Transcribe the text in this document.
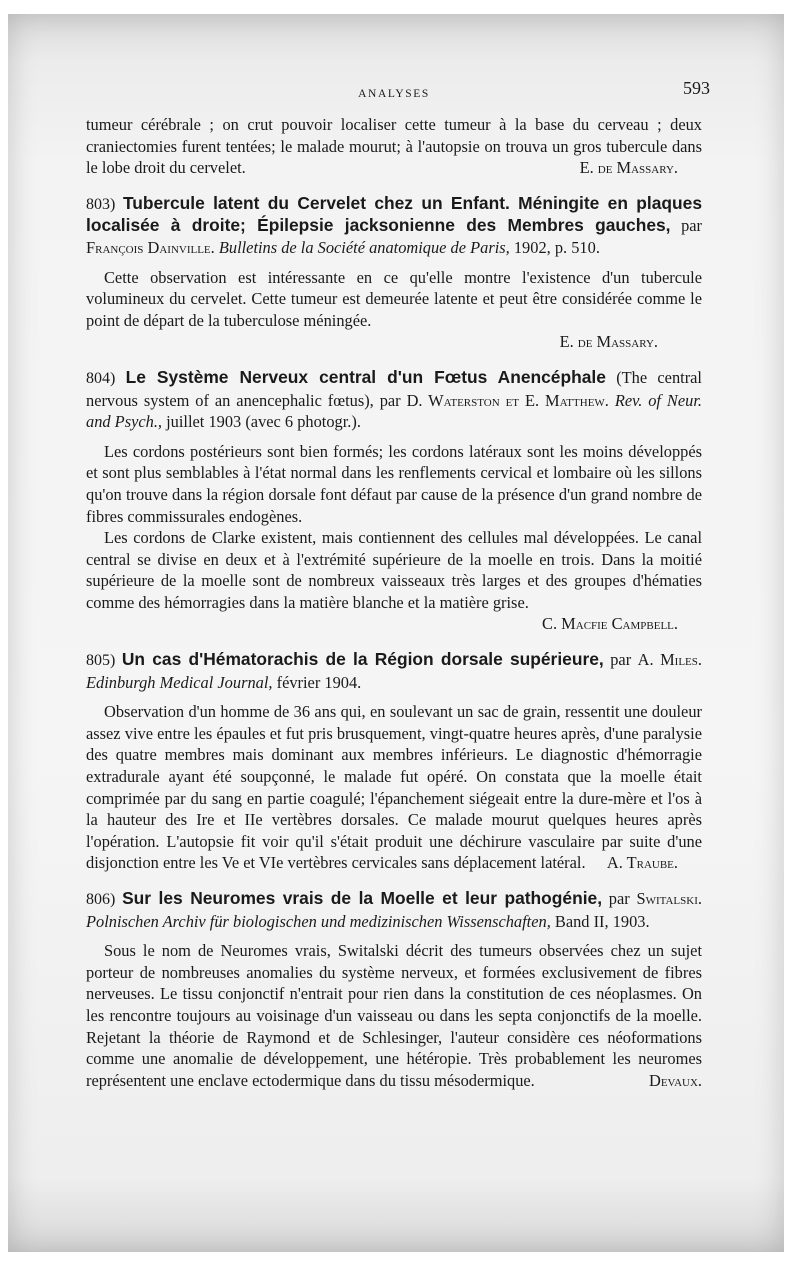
ANALYSES	593

tumeur cérébrale ; on crut pouvoir localiser cette tumeur à la base du cerveau ; deux craniectomies furent tentées; le malade mourut; à l'autopsie on trouva un gros tubercule dans le lobe droit du cervelet.	E. de Massary.

803) Tubercule latent du Cervelet chez un Enfant. Méningite en plaques localisée à droite; Épilepsie jacksonienne des Membres gauches, par François Dainville. Bulletins de la Société anatomique de Paris, 1902, p. 510.

Cette observation est intéressante en ce qu'elle montre l'existence d'un tubercule volumineux du cervelet. Cette tumeur est demeurée latente et peut être considérée comme le point de départ de la tuberculose méningée.

E. de Massary.

804) Le Système Nerveux central d'un Fœtus Anencéphale (The central nervous system of an anencephalic fœtus), par D. Waterston et E. Matthew. Rev. of Neur. and Psych., juillet 1903 (avec 6 photogr.).

Les cordons postérieurs sont bien formés; les cordons latéraux sont les moins développés et sont plus semblables à l'état normal dans les renflements cervical et lombaire où les sillons qu'on trouve dans la région dorsale font défaut par cause de la présence d'un grand nombre de fibres commissurales endogènes.

Les cordons de Clarke existent, mais contiennent des cellules mal développées. Le canal central se divise en deux et à l'extrémité supérieure de la moelle en trois. Dans la moitié supérieure de la moelle sont de nombreux vaisseaux très larges et des groupes d'hématies comme des hémorragies dans la matière blanche et la matière grise.
C. Macfie Campbell.

805) Un cas d'Hématorachis de la Région dorsale supérieure, par A. Miles. Edinburgh Medical Journal, février 1904.

Observation d'un homme de 36 ans qui, en soulevant un sac de grain, ressentit une douleur assez vive entre les épaules et fut pris brusquement, vingt-quatre heures après, d'une paralysie des quatre membres mais dominant aux membres inférieurs. Le diagnostic d'hémorragie extradurale ayant été soupçonné, le malade fut opéré. On constata que la moelle était comprimée par du sang en partie coagulé; l'épanchement siégeait entre la dure-mère et l'os à la hauteur des Ire et IIe vertèbres dorsales. Ce malade mourut quelques heures après l'opération. L'autopsie fit voir qu'il s'était produit une déchirure vasculaire par suite d'une disjonction entre les Ve et VIe vertèbres cervicales sans déplacement latéral.	A. Traube.

806) Sur les Neuromes vrais de la Moelle et leur pathogénie, par Switalski. Polnischen Archiv für biologischen und medizinischen Wissenschaften, Band II, 1903.

Sous le nom de Neuromes vrais, Switalski décrit des tumeurs observées chez un sujet porteur de nombreuses anomalies du système nerveux, et formées exclusivement de fibres nerveuses. Le tissu conjonctif n'entrait pour rien dans la constitution de ces néoplasmes. On les rencontre toujours au voisinage d'un vaisseau ou dans les septa conjonctifs de la moelle. Rejetant la théorie de Raymond et de Schlesinger, l'auteur considère ces néoformations comme une anomalie de développement, une hétéropie. Très probablement les neuromes représentent une enclave ectodermique dans du tissu mésodermique.	Devaux.
